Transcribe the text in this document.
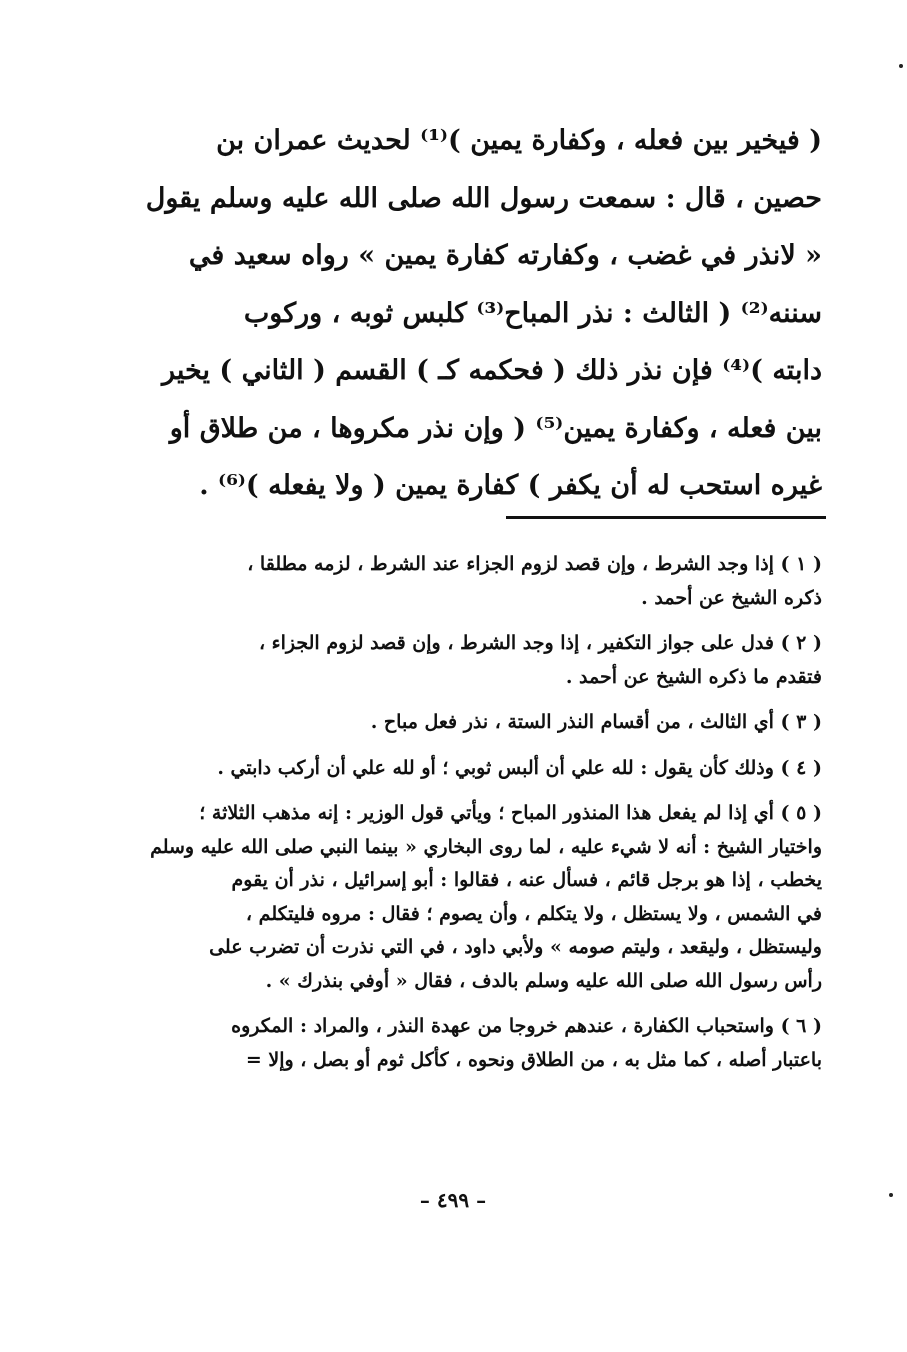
( فيخير بين فعله ، وكفارة يمين )⁽¹⁾ لحديث عمران بن
حصين ، قال : سمعت رسول الله صلى الله عليه وسلم يقول
« لانذر في غضب ، وكفارته كفارة يمين » رواه سعيد في
سننه⁽²⁾ ( الثالث : نذر المباح⁽³⁾ كلبس ثوبه ، وركوب
دابته )⁽⁴⁾ فإن نذر ذلك ( فحكمه كـ ) القسم ( الثاني ) يخير
بين فعله ، وكفارة يمين⁽⁵⁾ ( وإن نذر مكروها ، من طلاق أو
غيره استحب له أن يكفر ) كفارة يمين ( ولا يفعله )⁽⁶⁾ .
( ١ ) إذا وجد الشرط ، وإن قصد لزوم الجزاء عند الشرط ، لزمه مطلقا ،
ذكره الشيخ عن أحمد .
( ٢ ) فدل على جواز التكفير ، إذا وجد الشرط ، وإن قصد لزوم الجزاء ،
فتقدم ما ذكره الشيخ عن أحمد .
( ٣ ) أي الثالث ، من أقسام النذر الستة ، نذر فعل مباح .
( ٤ ) وذلك كأن يقول : لله علي أن ألبس ثوبي ؛ أو لله علي أن أركب دابتي .
( ٥ ) أي إذا لم يفعل هذا المنذور المباح ؛ ويأتي قول الوزير : إنه مذهب الثلاثة ؛
واختيار الشيخ : أنه لا شيء عليه ، لما روى البخاري « بينما النبي صلى الله عليه وسلم
يخطب ، إذا هو برجل قائم ، فسأل عنه ، فقالوا : أبو إسرائيل ، نذر أن يقوم
في الشمس ، ولا يستظل ، ولا يتكلم ، وأن يصوم ؛ فقال : مروه فليتكلم ،
وليستظل ، وليقعد ، وليتم صومه » ولأبي داود ، في التي نذرت أن تضرب على
رأس رسول الله صلى الله عليه وسلم بالدف ، فقال « أوفي بنذرك » .
( ٦ ) واستحباب الكفارة ، عندهم خروجا من عهدة النذر ، والمراد : المكروه
باعتبار أصله ، كما مثل به ، من الطلاق ونحوه ، كأكل ثوم أو بصل ، وإلا =
– ٤٩٩ –
